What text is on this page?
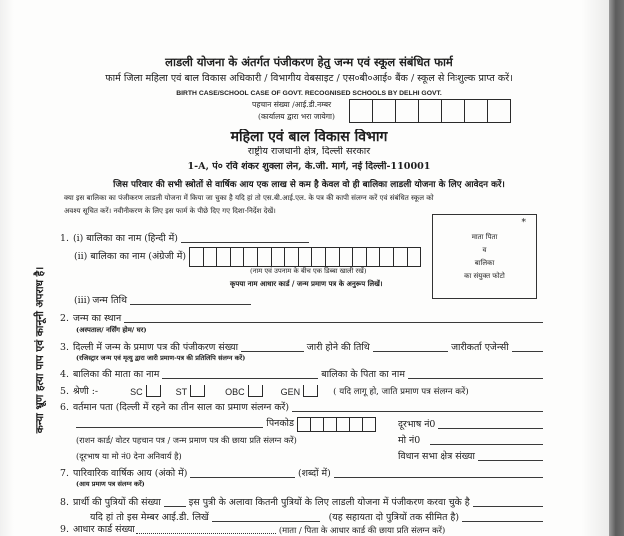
लाडली योजना के अंतर्गत पंजीकरण हेतु जन्म एवं स्कूल संबंधित फार्म
फार्म जिला महिला एवं बाल विकास अधिकारी / विभागीय वेबसाइट / एस०बी०आई० बैंक / स्कूल से निःशुल्क प्राप्त करें।
BIRTH CASE/SCHOOL CASE OF GOVT. RECOGNISED SCHOOLS BY DELHI GOVT.
पहचान संख्या /आई.डी.नम्बर
(कार्यालय द्वारा भरा जायेगा)
महिला एवं बाल विकास विभाग
राष्ट्रीय राजधानी क्षेत्र, दिल्ली सरकार
1-A, पं० रवि शंकर शुक्ला लेन, के.जी. मार्ग, नई दिल्ली-110001
जिस परिवार की सभी स्त्रोतों से वार्षिक आय एक लाख से कम है केवल वो ही बालिका लाडली योजना के लिए आवेदन करें।
क्या इस बालिका का पंजीकरण लाडली योजना में किया जा चुका है यदि हां तो एस.बी.आई.एल. के पत्र की कापी संलग्न करें एवं संबंधित स्कूल को
अवश्य सूचित करें। नवीनीकरण के लिए इस फार्म के पीछे दिए गए दिशा-निर्देश देखें।
कन्या भ्रूण हत्या पाप एवं कानूनी अपराध है।
*
माता पिता
व
बालिका
का संयुक्त फोटो
1. (i) बालिका का नाम (हिन्दी में)
(ii) बालिका का नाम (अंग्रेजी में)
(नाम एवं उपनाम के बीच एक डिब्बा खाली रखें)
कृपया नाम आधार कार्ड / जन्म प्रमाण पत्र के अनुरूप लिखें।
(iii) जन्म तिथि
2. जन्म का स्थान
(अस्पताल/ नर्सिंग होम/ घर)
3. दिल्ली में जन्म के प्रमाण पत्र की पंजीकरण संख्या	जारी होने की तिथि	जारीकर्ता एजेन्सी
(रजिस्ट्रार जन्म एवं मृत्यु द्वारा जारी प्रमाण-पत्र की प्रतिलिपि संलग्न करें)
4. बालिका की माता का नाम	बालिका के पिता का नाम
5. श्रेणी :-	SC	ST	OBC	GEN	( यदि लागू हो, जाति प्रमाण पत्र संलग्न करें)
6. वर्तमान पता (दिल्ली में रहने का तीन साल का प्रमाण संलग्न करें)
पिनकोड	दूरभाष नं0
(राशन कार्ड/ वोटर पहचान पत्र / जन्म प्रमाण पत्र की छाया प्रति संलग्न करें)	मो नं0
(दूरभाष या मो नं0 देना अनिवार्य है)	विधान सभा क्षेत्र संख्या
7. पारिवारिक वार्षिक आय (अंको में)	(शब्दों में)
(आय प्रमाण पत्र संलग्न करें)
8. प्रार्थी की पुत्रियों की संख्या	इस पुत्री के अलावा कितनी पुत्रियों के लिए लाडली योजना में पंजीकरण करवा चुके है
यदि हां तो इस मेम्बर आई.डी. लिखें	(यह सहायता दो पुत्रियों तक सीमित है)
9. आधार कार्ड संख्या	(माता / पिता के आधार कार्ड की छाया प्रति संलग्न करें)
